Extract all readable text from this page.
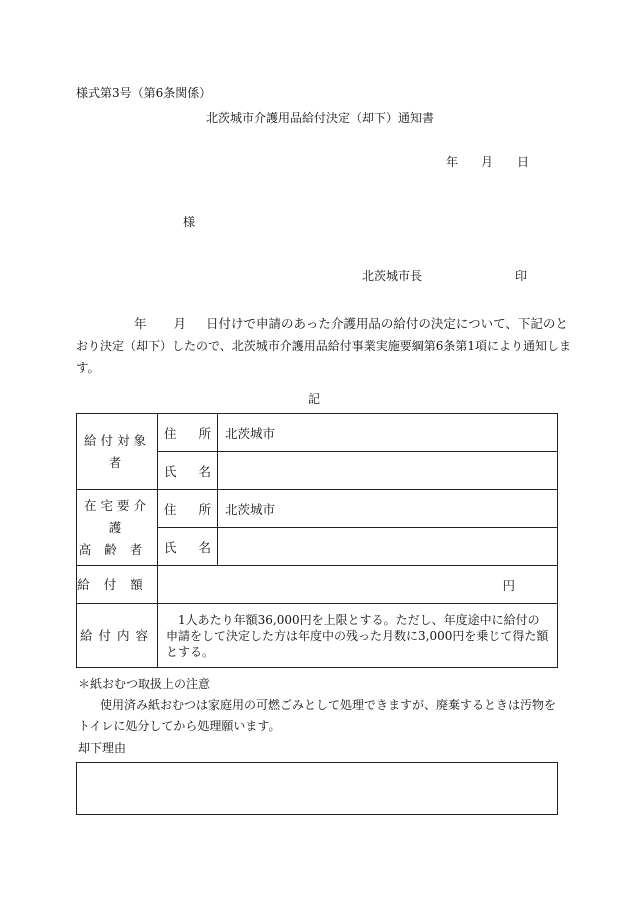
様式第3号（第6条関係）
北茨城市介護用品給付決定（却下）通知書
年 月 日
様
北茨城市長	印
年 月 日付けで申請のあった介護用品の給付の決定について、下記のと
おり決定（却下）したので、北茨城市介護用品給付事業実施要綱第6条第1項により通知しま
す。
記
給付対象者	住 所	北茨城市
	氏 名	

在宅要介護
高齢者	住 所	北茨城市
	氏 名	
給付額	円	
給付内容	1人あたり年額36,000円を上限とする。ただし、年度途中に給付の申請をして決定した方は年度中の残った月数に3,000円を乗じて得た額とする。	
＊紙おむつ取扱上の注意
使用済み紙おむつは家庭用の可燃ごみとして処理できますが、廃棄するときは汚物を
トイレに処分してから処理願います。
却下理由
